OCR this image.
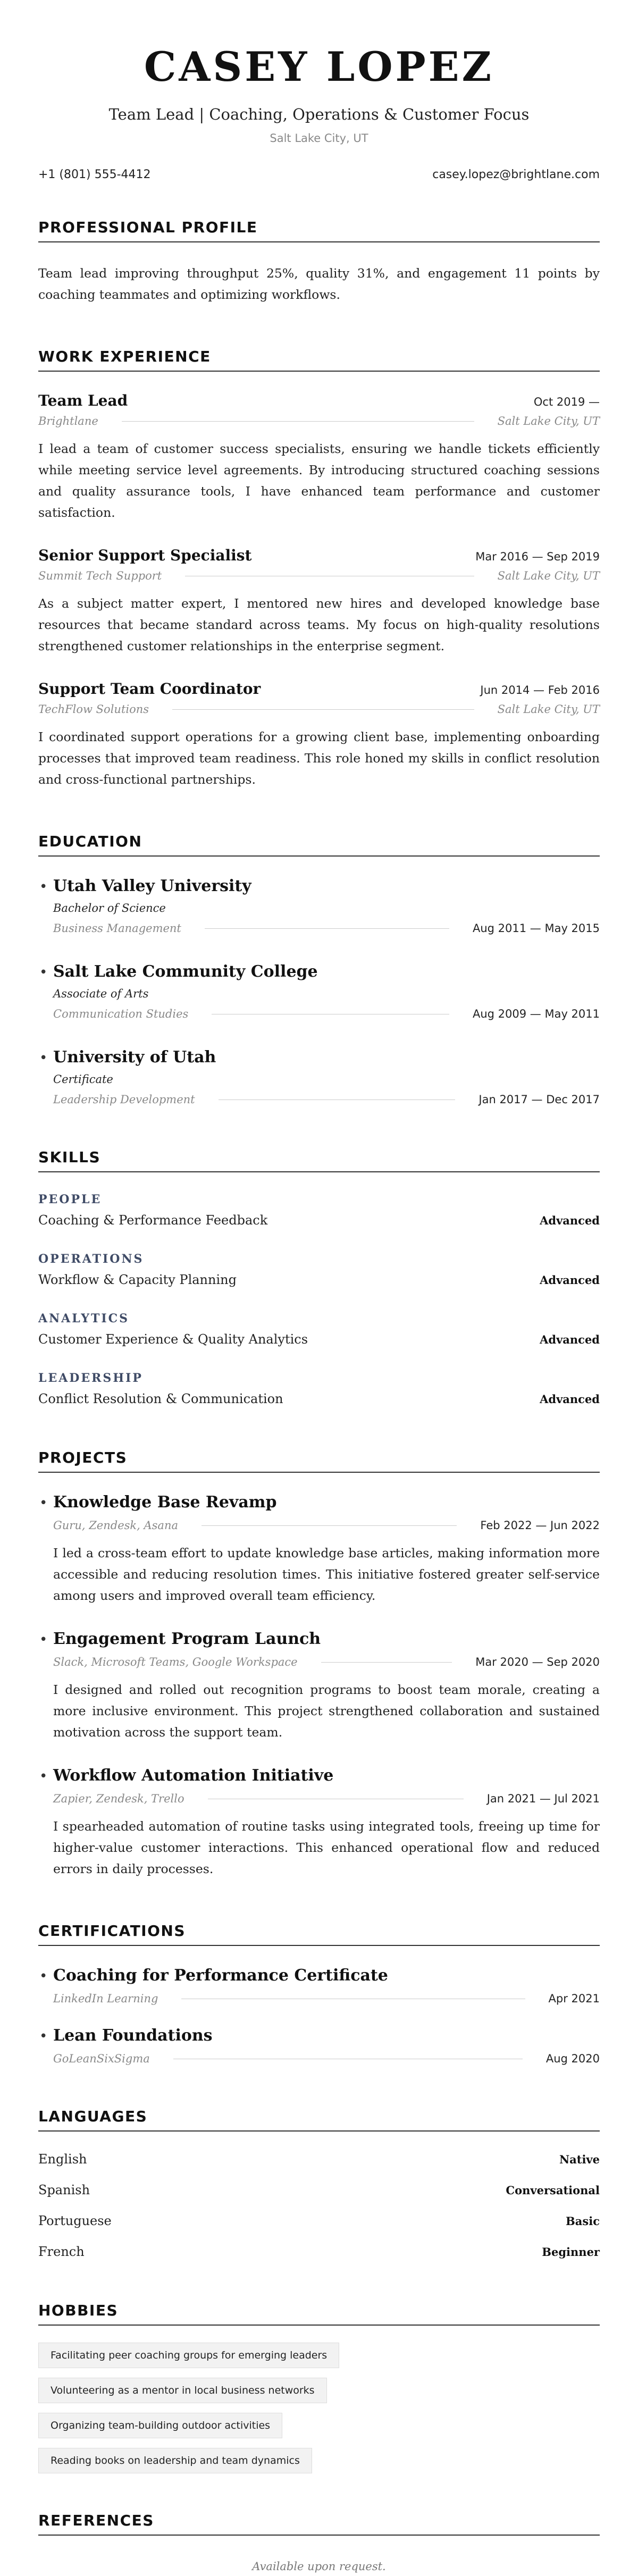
CASEY LOPEZ
Team Lead | Coaching, Operations & Customer Focus
Salt Lake City, UT
+1 (801) 555-4412	casey.lopez@brightlane.com
PROFESSIONAL PROFILE

Team lead improving throughput 25%, quality 31%, and engagement 11 points by coaching teammates and optimizing workflows.

WORK EXPERIENCE
Team Lead	Oct 2019 —
Brightlane	Salt Lake City, UT

I lead a team of customer success specialists, ensuring we handle tickets efficiently while meeting service level agreements. By introducing structured coaching sessions and quality assurance tools, I have enhanced team performance and customer satisfaction.

Senior Support Specialist	Mar 2016 — Sep 2019
Summit Tech Support	Salt Lake City, UT

As a subject matter expert, I mentored new hires and developed knowledge base resources that became standard across teams. My focus on high-quality resolutions strengthened customer relationships in the enterprise segment.

Support Team Coordinator	Jun 2014 — Feb 2016
TechFlow Solutions	Salt Lake City, UT

I coordinated support operations for a growing client base, implementing onboarding processes that improved team readiness. This role honed my skills in conflict resolution and cross-functional partnerships.

EDUCATION
• Utah Valley University
Bachelor of Science
Business Management	Aug 2011 — May 2015
• Salt Lake Community College
Associate of Arts
Communication Studies	Aug 2009 — May 2011
• University of Utah
Certificate
Leadership Development	Jan 2017 — Dec 2017
SKILLS
PEOPLE
Coaching & Performance Feedback	Advanced
OPERATIONS
Workflow & Capacity Planning	Advanced
ANALYTICS
Customer Experience & Quality Analytics	Advanced
LEADERSHIP
Conflict Resolution & Communication	Advanced
PROJECTS
• Knowledge Base Revamp
Guru, Zendesk, Asana	Feb 2022 — Jun 2022

I led a cross-team effort to update knowledge base articles, making information more accessible and reducing resolution times. This initiative fostered greater self-service among users and improved overall team efficiency.

• Engagement Program Launch
Slack, Microsoft Teams, Google Workspace	Mar 2020 — Sep 2020

I designed and rolled out recognition programs to boost team morale, creating a more inclusive environment. This project strengthened collaboration and sustained motivation across the support team.

• Workflow Automation Initiative
Zapier, Zendesk, Trello	Jan 2021 — Jul 2021

I spearheaded automation of routine tasks using integrated tools, freeing up time for higher-value customer interactions. This enhanced operational flow and reduced errors in daily processes.

CERTIFICATIONS
• Coaching for Performance Certificate
LinkedIn Learning	Apr 2021
• Lean Foundations
GoLeanSixSigma	Aug 2020
LANGUAGES
English	Native
Spanish	Conversational
Portuguese	Basic
French	Beginner
HOBBIES
Facilitating peer coaching groups for emerging leaders
Volunteering as a mentor in local business networks
Organizing team-building outdoor activities
Reading books on leadership and team dynamics
REFERENCES
Available upon request.
